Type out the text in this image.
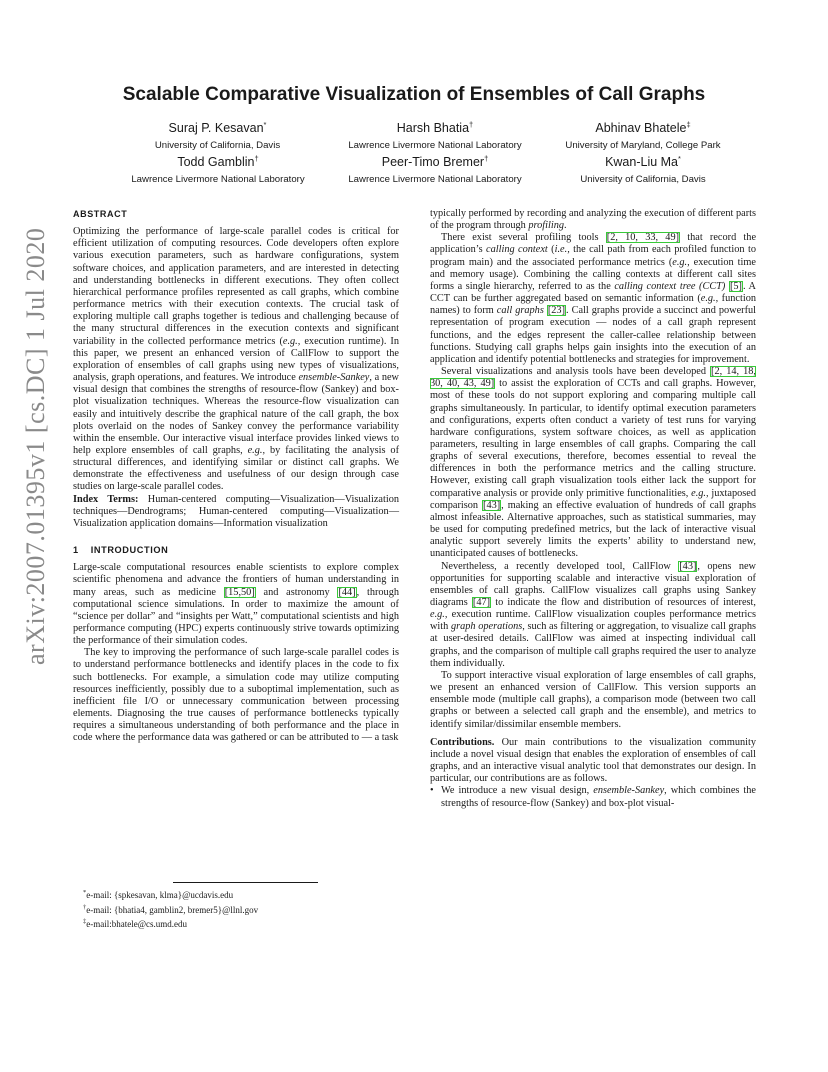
arXiv:2007.01395v1 [cs.DC] 1 Jul 2020
Scalable Comparative Visualization of Ensembles of Call Graphs
Suraj P. Kesavan*
University of California, Davis
Harsh Bhatia†
Lawrence Livermore National Laboratory
Abhinav Bhatele‡
University of Maryland, College Park
Todd Gamblin†
Lawrence Livermore National Laboratory
Peer-Timo Bremer†
Lawrence Livermore National Laboratory
Kwan-Liu Ma*
University of California, Davis
ABSTRACT

Optimizing the performance of large-scale parallel codes is critical for efficient utilization of computing resources. Code developers often explore various execution parameters, such as hardware configurations, system software choices, and application parameters, and are interested in detecting and understanding bottlenecks in different executions. They often collect hierarchical performance profiles represented as call graphs, which combine performance metrics with their execution contexts. The crucial task of exploring multiple call graphs together is tedious and challenging because of the many structural differences in the execution contexts and significant variability in the collected performance metrics (e.g., execution runtime). In this paper, we present an enhanced version of CallFlow to support the exploration of ensembles of call graphs using new types of visualizations, analysis, graph operations, and features. We introduce ensemble-Sankey, a new visual design that combines the strengths of resource-flow (Sankey) and box-plot visualization techniques. Whereas the resource-flow visualization can easily and intuitively describe the graphical nature of the call graph, the box plots overlaid on the nodes of Sankey convey the performance variability within the ensemble. Our interactive visual interface provides linked views to help explore ensembles of call graphs, e.g., by facilitating the analysis of structural differences, and identifying similar or distinct call graphs. We demonstrate the effectiveness and usefulness of our design through case studies on large-scale parallel codes.

Index Terms: Human-centered computing—Visualization—Visualization techniques—Dendrograms; Human-centered computing—Visualization—Visualization application domains—Information visualization

1 INTRODUCTION

Large-scale computational resources enable scientists to explore complex scientific phenomena and advance the frontiers of human understanding in many areas, such as medicine [15,50] and astronomy [44], through computational science simulations. In order to maximize the amount of “science per dollar” and “insights per Watt,” computational scientists and high performance computing (HPC) experts continuously strive towards optimizing the performance of their simulation codes.

The key to improving the performance of such large-scale parallel codes is to understand performance bottlenecks and identify places in the code to fix such bottlenecks. For example, a simulation code may utilize computing resources inefficiently, possibly due to a suboptimal implementation, such as inefficient file I/O or unnecessary communication between processing elements. Diagnosing the true causes of performance bottlenecks typically requires a simultaneous understanding of both performance and the place in code where the performance data was gathered or can be attributed to — a task

*e-mail: {spkesavan, klma}@ucdavis.edu

†e-mail: {bhatia4, gamblin2, bremer5}@llnl.gov

‡e-mail:bhatele@cs.umd.edu

typically performed by recording and analyzing the execution of different parts of the program through profiling.

There exist several profiling tools [2, 10, 33, 49] that record the application’s calling context (i.e., the call path from each profiled function to program main) and the associated performance metrics (e.g., execution time and memory usage). Combining the calling contexts at different call sites forms a single hierarchy, referred to as the calling context tree (CCT) [5]. A CCT can be further aggregated based on semantic information (e.g., function names) to form call graphs [23]. Call graphs provide a succinct and powerful representation of program execution — nodes of a call graph represent functions, and the edges represent the caller-callee relationship between functions. Studying call graphs helps gain insights into the execution of an application and identify potential bottlenecks and strategies for improvement.

Several visualizations and analysis tools have been developed [2, 14, 18, 30, 40, 43, 49] to assist the exploration of CCTs and call graphs. However, most of these tools do not support exploring and comparing multiple call graphs simultaneously. In particular, to identify optimal execution parameters and configurations, experts often conduct a variety of test runs for varying hardware configurations, system software choices, as well as application parameters, resulting in large ensembles of call graphs. Comparing the call graphs of several executions, therefore, becomes essential to reveal the differences in both the performance metrics and the calling structure. However, existing call graph visualization tools either lack the support for comparative analysis or provide only primitive functionalities, e.g., juxtaposed comparison [43], making an effective evaluation of hundreds of call graphs almost infeasible. Alternative approaches, such as statistical summaries, may be used for computing predefined metrics, but the lack of interactive visual analytic support severely limits the experts’ ability to understand new, unanticipated causes of bottlenecks.

Nevertheless, a recently developed tool, CallFlow [43], opens new opportunities for supporting scalable and interactive visual exploration of ensembles of call graphs. CallFlow visualizes call graphs using Sankey diagrams [47] to indicate the flow and distribution of resources of interest, e.g., execution runtime. CallFlow visualization couples performance metrics with graph operations, such as filtering or aggregation, to visualize call graphs at user-desired details. CallFlow was aimed at inspecting individual call graphs, and the comparison of multiple call graphs required the user to analyze them individually.

To support interactive visual exploration of large ensembles of call graphs, we present an enhanced version of CallFlow. This version supports an ensemble mode (multiple call graphs), a comparison mode (between two call graphs or between a selected call graph and the ensemble), and metrics to identify similar/dissimilar ensemble members.

Contributions. Our main contributions to the visualization community include a novel visual design that enables the exploration of ensembles of call graphs, and an interactive visual analytic tool that demonstrates our design. In particular, our contributions are as follows.

• We introduce a new visual design, ensemble-Sankey, which combines the strengths of resource-flow (Sankey) and box-plot visual-
